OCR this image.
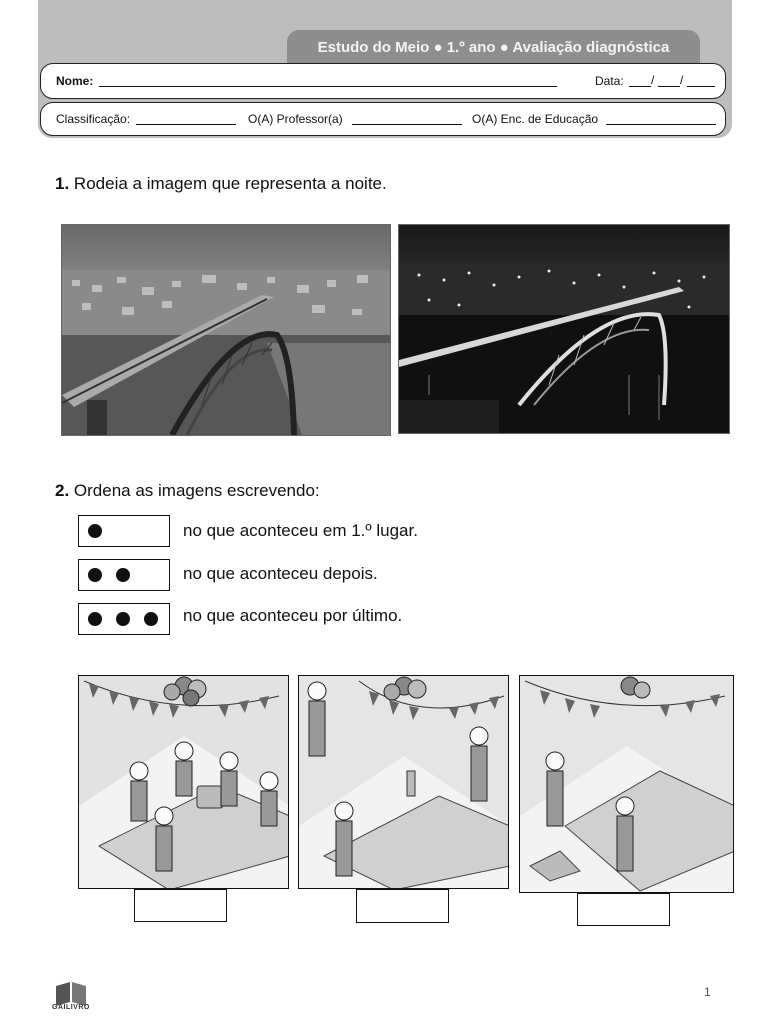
Estudo do Meio ● 1.º ano ● Avaliação diagnóstica
Nome:	Data: / /
Classificação:	O(A) Professor(a)	O(A) Enc. de Educação
1. Rodeia a imagem que representa a noite.
2. Ordena as imagens escrevendo:
no que aconteceu em 1.º lugar.
no que aconteceu depois.
no que aconteceu por último.
GAILIVRO
1
